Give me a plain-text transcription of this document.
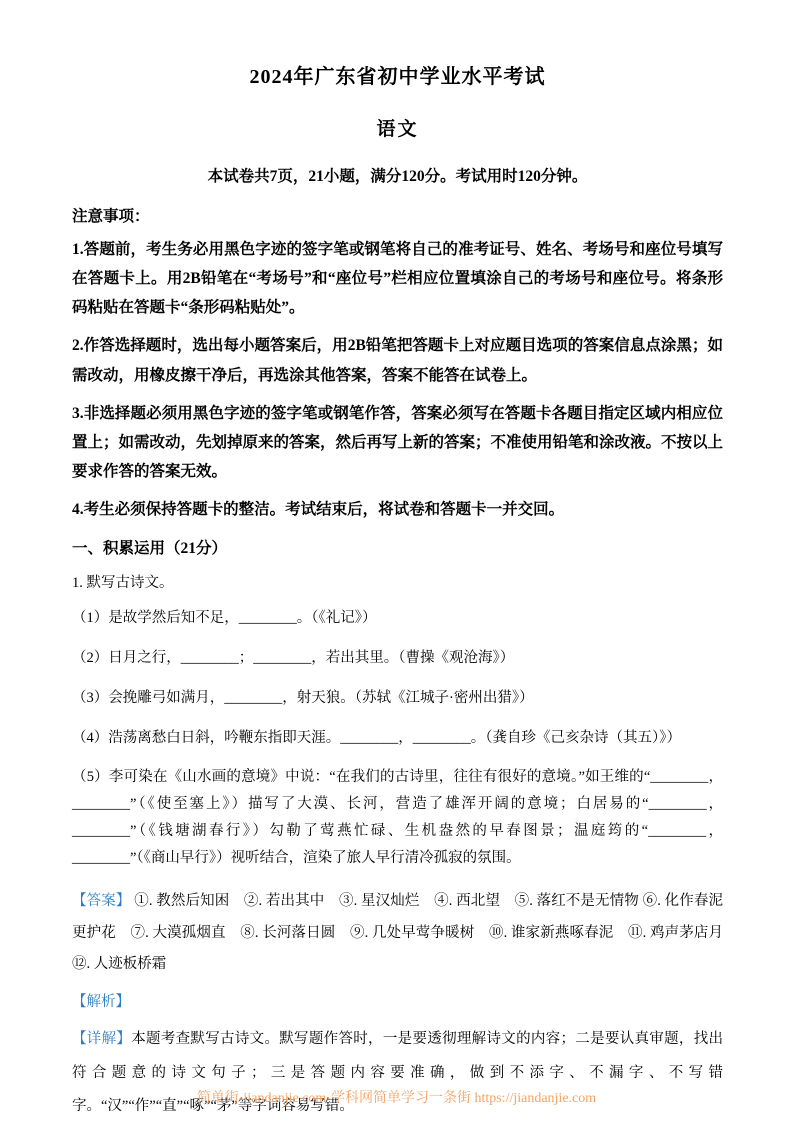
2024年广东省初中学业水平考试
语文
本试卷共7页，21小题，满分120分。考试用时120分钟。
注意事项：

1.答题前，考生务必用黑色字迹的签字笔或钢笔将自己的准考证号、姓名、考场号和座位号填写在答题卡上。用2B铅笔在“考场号”和“座位号”栏相应位置填涂自己的考场号和座位号。将条形码粘贴在答题卡“条形码粘贴处”。

2.作答选择题时，选出每小题答案后，用2B铅笔把答题卡上对应题目选项的答案信息点涂黑；如需改动，用橡皮擦干净后，再选涂其他答案，答案不能答在试卷上。

3.非选择题必须用黑色字迹的签字笔或钢笔作答，答案必须写在答题卡各题目指定区域内相应位置上；如需改动，先划掉原来的答案，然后再写上新的答案；不准使用铅笔和涂改液。不按以上要求作答的答案无效。

4.考生必须保持答题卡的整洁。考试结束后，将试卷和答题卡一并交回。

一、积累运用（21分）

1. 默写古诗文。

（1）是故学然后知不足，________。（《礼记》）

（2）日月之行，________；________，若出其里。（曹操《观沧海》）

（3）会挽雕弓如满月，________，射天狼。（苏轼《江城子·密州出猎》）

（4）浩荡离愁白日斜，吟鞭东指即天涯。________，________。（龚自珍《己亥杂诗（其五）》）

（5）李可染在《山水画的意境》中说：“在我们的古诗里，往往有很好的意境。”如王维的“________，________”（《使至塞上》）描写了大漠、长河，营造了雄浑开阔的意境；白居易的“________，________”（《钱塘湖春行》）勾勒了莺燕忙碌、生机盎然的早春图景；温庭筠的“________，________”（《商山早行》）视听结合，渲染了旅人早行清冷孤寂的氛围。

【答案】 ①. 教然后知困　②. 若出其中　③. 星汉灿烂　④. 西北望　⑤. 落红不是无情物 ⑥. 化作春泥更护花　⑦. 大漠孤烟直　⑧. 长河落日圆　⑨. 几处早莺争暖树　⑩. 谁家新燕啄春泥　⑪. 鸡声茅店月　⑫. 人迹板桥霜

【解析】

【详解】本题考查默写古诗文。默写题作答时，一是要透彻理解诗文的内容；二是要认真审题，找出符合题意的诗文句子；三是答题内容要准确，做到不添字、不漏字、不写错字。“汉”“作”“直”“啄”“茅”等字词容易写错。

简单街-jiandanjie.com-学科网简单学习一条街 https://jiandanjie.com
